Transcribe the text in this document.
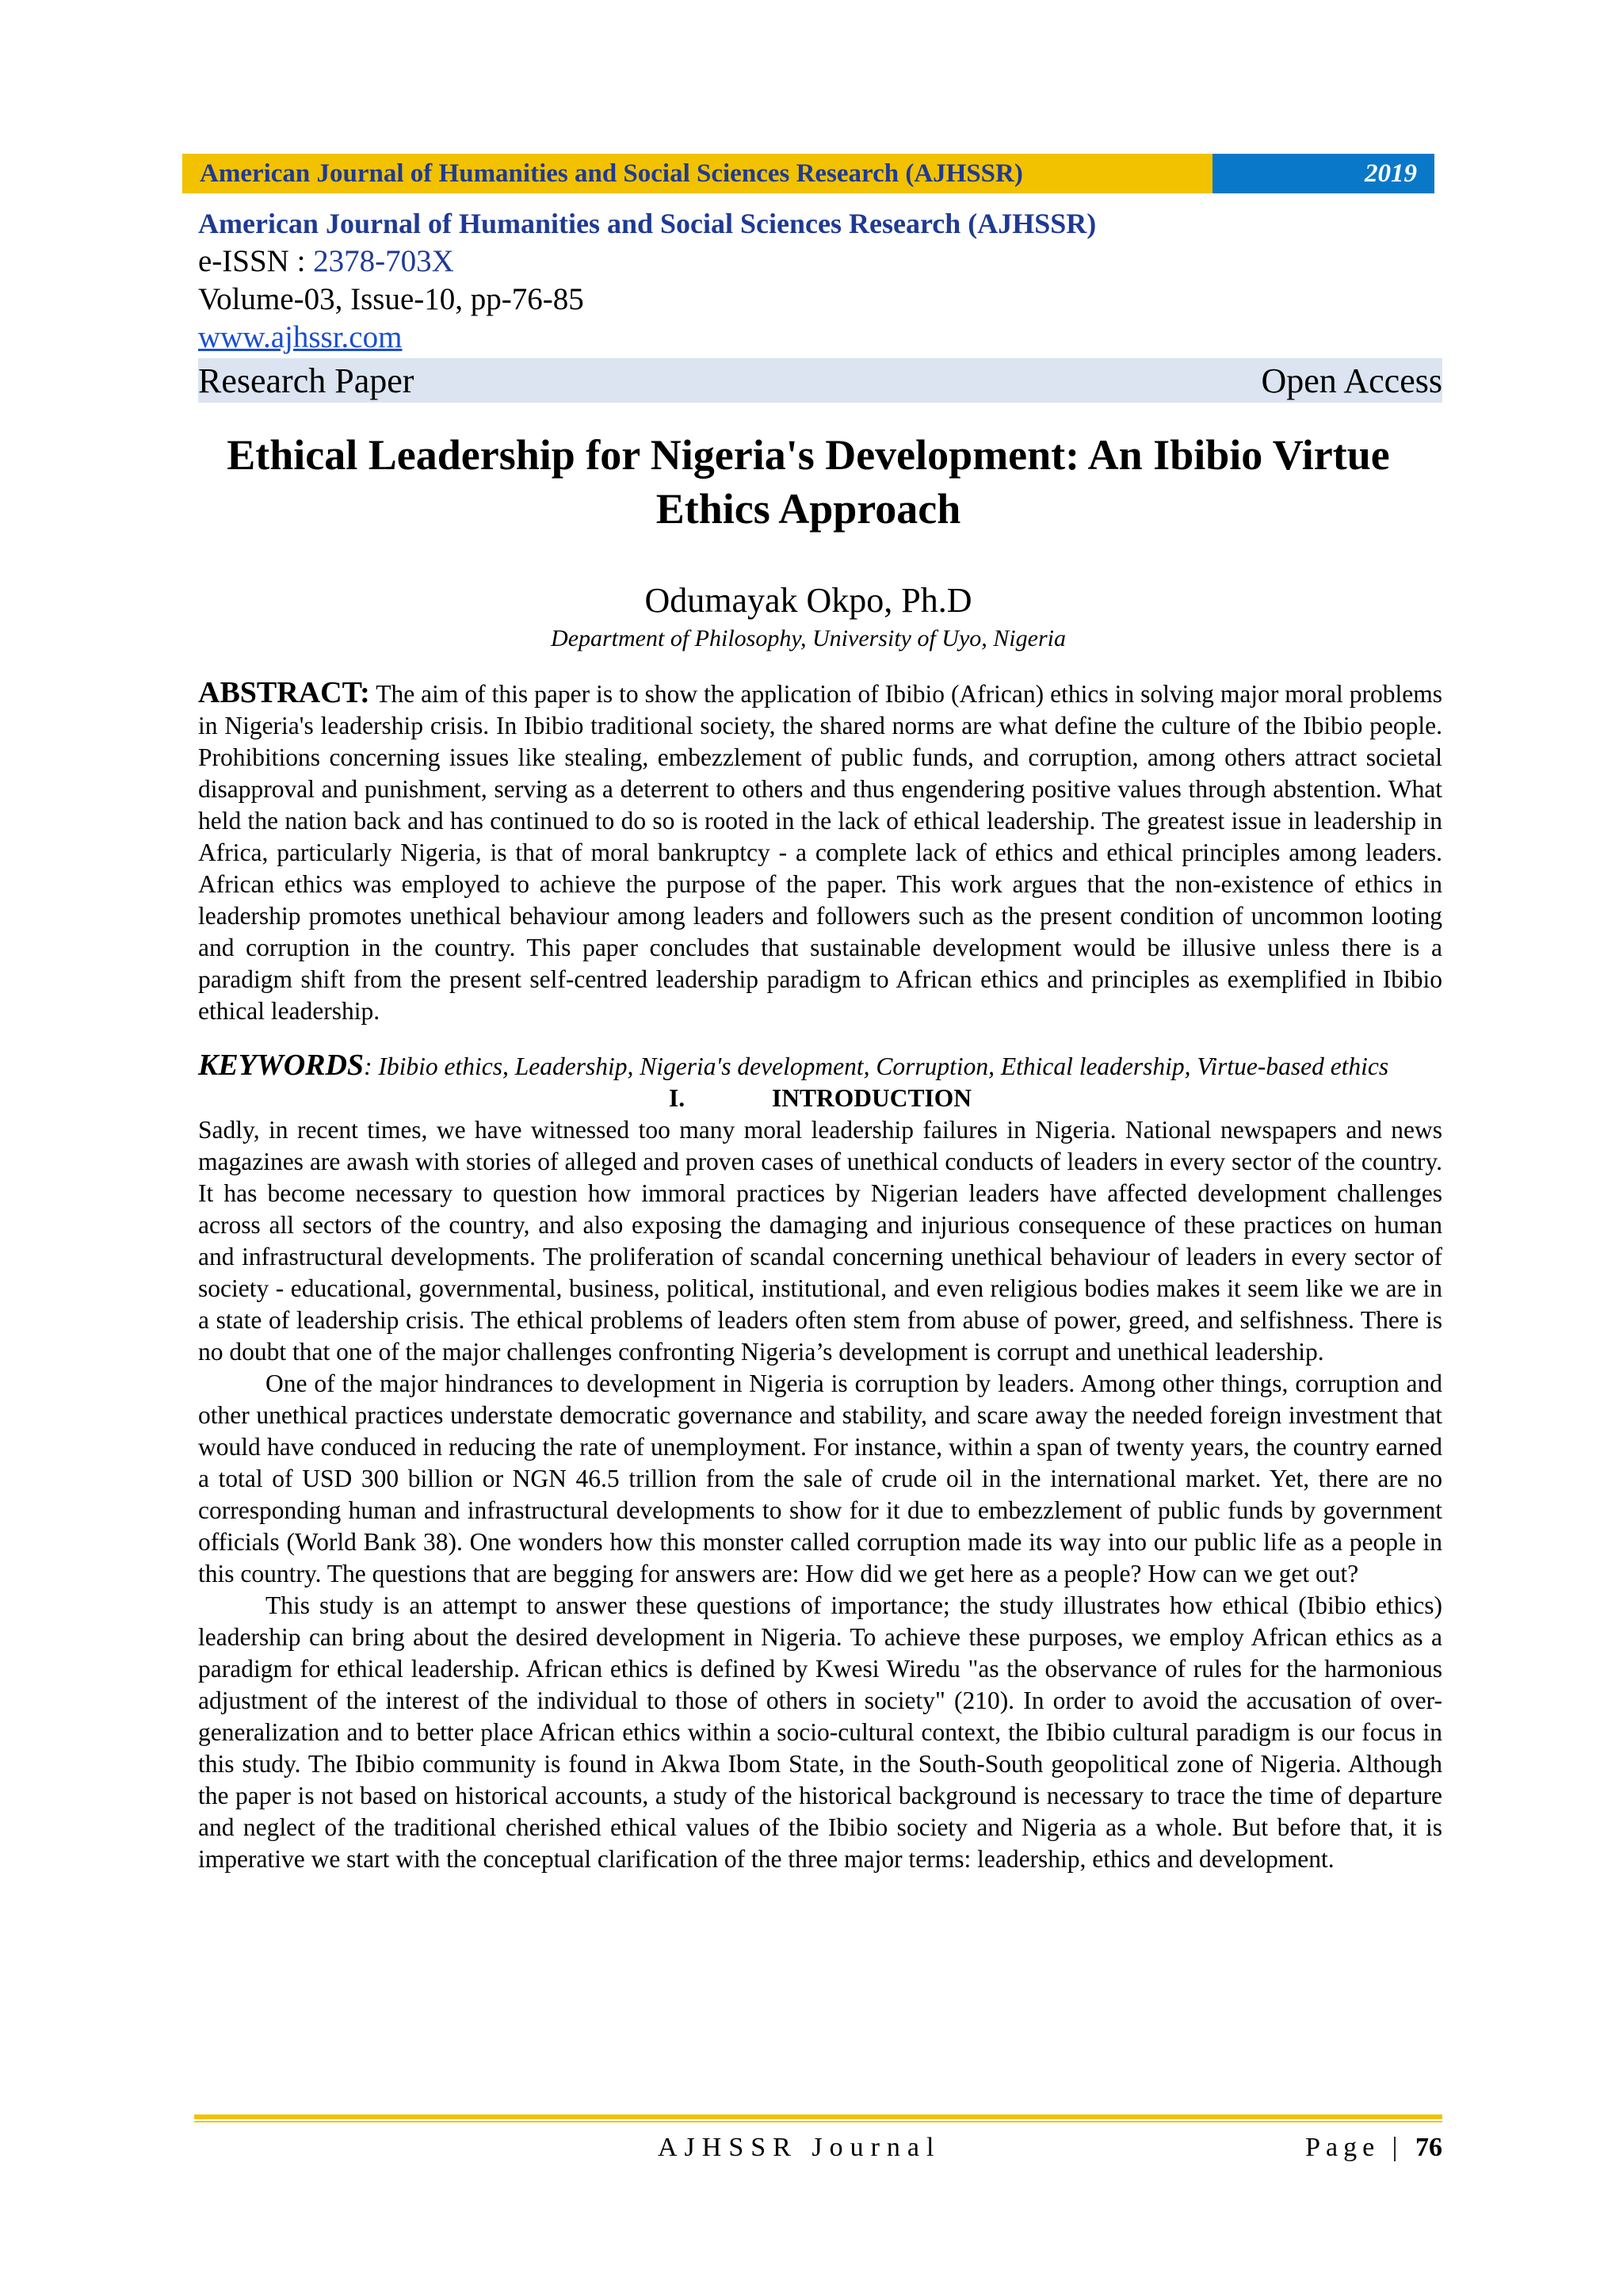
American Journal of Humanities and Social Sciences Research (AJHSSR)	2019
American Journal of Humanities and Social Sciences Research (AJHSSR)
e-ISSN : 2378-703X
Volume-03, Issue-10, pp-76-85
www.ajhssr.com
Research Paper	Open Access
Ethical Leadership for Nigeria's Development: An Ibibio Virtue Ethics Approach
Odumayak Okpo, Ph.D
Department of Philosophy, University of Uyo, Nigeria

ABSTRACT: The aim of this paper is to show the application of Ibibio (African) ethics in solving major moral problems in Nigeria's leadership crisis. In Ibibio traditional society, the shared norms are what define the culture of the Ibibio people. Prohibitions concerning issues like stealing, embezzlement of public funds, and corruption, among others attract societal disapproval and punishment, serving as a deterrent to others and thus engendering positive values through abstention. What held the nation back and has continued to do so is rooted in the lack of ethical leadership. The greatest issue in leadership in Africa, particularly Nigeria, is that of moral bankruptcy - a complete lack of ethics and ethical principles among leaders. African ethics was employed to achieve the purpose of the paper. This work argues that the non-existence of ethics in leadership promotes unethical behaviour among leaders and followers such as the present condition of uncommon looting and corruption in the country. This paper concludes that sustainable development would be illusive unless there is a paradigm shift from the present self-centred leadership paradigm to African ethics and principles as exemplified in Ibibio ethical leadership.

KEYWORDS: Ibibio ethics, Leadership, Nigeria's development, Corruption, Ethical leadership, Virtue-based ethics

I.	INTRODUCTION

Sadly, in recent times, we have witnessed too many moral leadership failures in Nigeria. National newspapers and news magazines are awash with stories of alleged and proven cases of unethical conducts of leaders in every sector of the country. It has become necessary to question how immoral practices by Nigerian leaders have affected development challenges across all sectors of the country, and also exposing the damaging and injurious consequence of these practices on human and infrastructural developments. The proliferation of scandal concerning unethical behaviour of leaders in every sector of society - educational, governmental, business, political, institutional, and even religious bodies makes it seem like we are in a state of leadership crisis. The ethical problems of leaders often stem from abuse of power, greed, and selfishness. There is no doubt that one of the major challenges confronting Nigeria’s development is corrupt and unethical leadership.

One of the major hindrances to development in Nigeria is corruption by leaders. Among other things, corruption and other unethical practices understate democratic governance and stability, and scare away the needed foreign investment that would have conduced in reducing the rate of unemployment. For instance, within a span of twenty years, the country earned a total of USD 300 billion or NGN 46.5 trillion from the sale of crude oil in the international market. Yet, there are no corresponding human and infrastructural developments to show for it due to embezzlement of public funds by government officials (World Bank 38). One wonders how this monster called corruption made its way into our public life as a people in this country. The questions that are begging for answers are: How did we get here as a people? How can we get out?

This study is an attempt to answer these questions of importance; the study illustrates how ethical (Ibibio ethics) leadership can bring about the desired development in Nigeria. To achieve these purposes, we employ African ethics as a paradigm for ethical leadership. African ethics is defined by Kwesi Wiredu "as the observance of rules for the harmonious adjustment of the interest of the individual to those of others in society" (210). In order to avoid the accusation of over-generalization and to better place African ethics within a socio-cultural context, the Ibibio cultural paradigm is our focus in this study. The Ibibio community is found in Akwa Ibom State, in the South-South geopolitical zone of Nigeria. Although the paper is not based on historical accounts, a study of the historical background is necessary to trace the time of departure and neglect of the traditional cherished ethical values of the Ibibio society and Nigeria as a whole. But before that, it is imperative we start with the conceptual clarification of the three major terms: leadership, ethics and development.

AJHSSR Journal	Page | 76
